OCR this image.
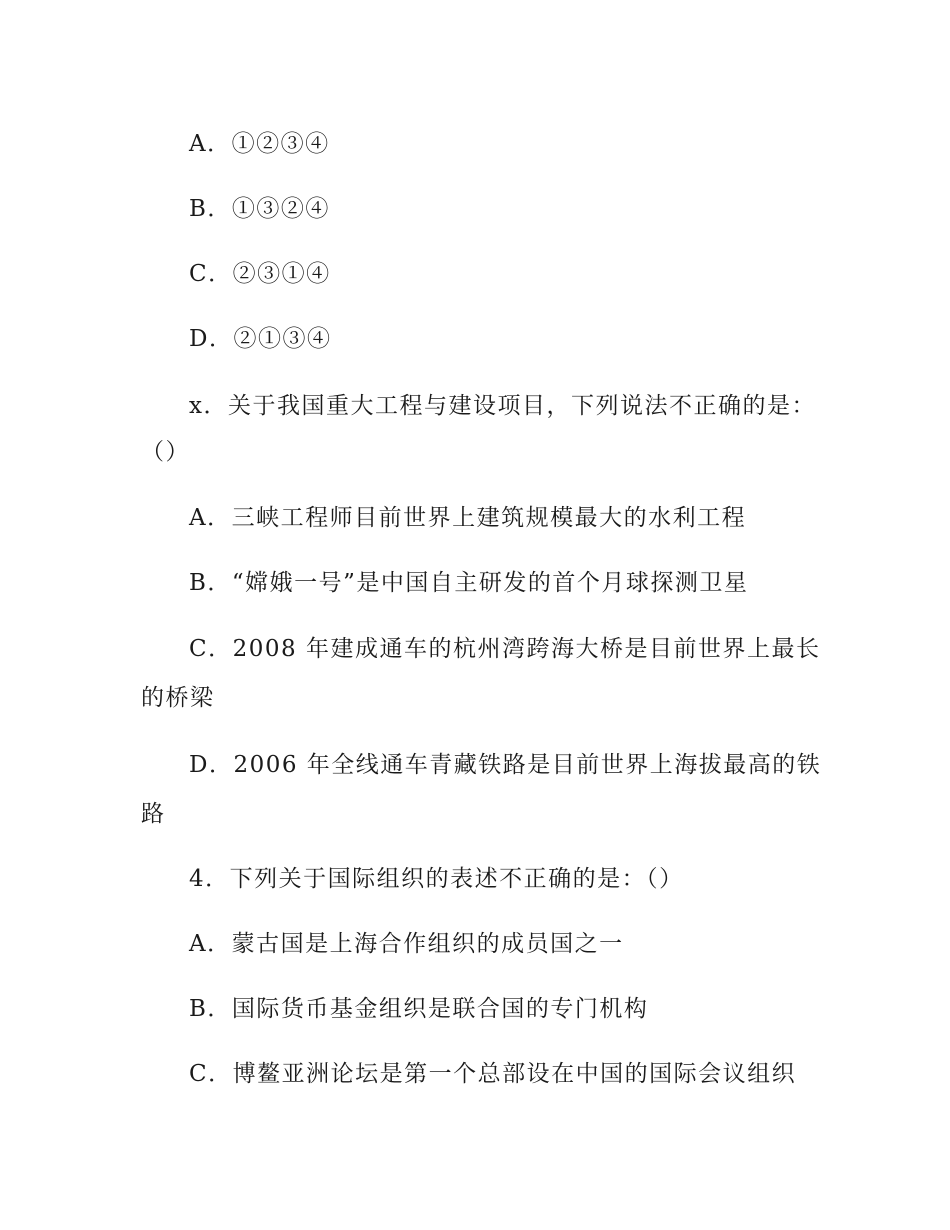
A．①②③④
B．①③②④
C．②③①④
D．②①③④
x．关于我国重大工程与建设项目，下列说法不正确的是：
（）
A．三峡工程师目前世界上建筑规模最大的水利工程
B．“嫦娥一号”是中国自主研发的首个月球探测卫星
C．2008 年建成通车的杭州湾跨海大桥是目前世界上最长
的桥梁
D．2006 年全线通车青藏铁路是目前世界上海拔最高的铁
路
4．下列关于国际组织的表述不正确的是：（）
A．蒙古国是上海合作组织的成员国之一
B．国际货币基金组织是联合国的专门机构
C．博鳌亚洲论坛是第一个总部设在中国的国际会议组织
